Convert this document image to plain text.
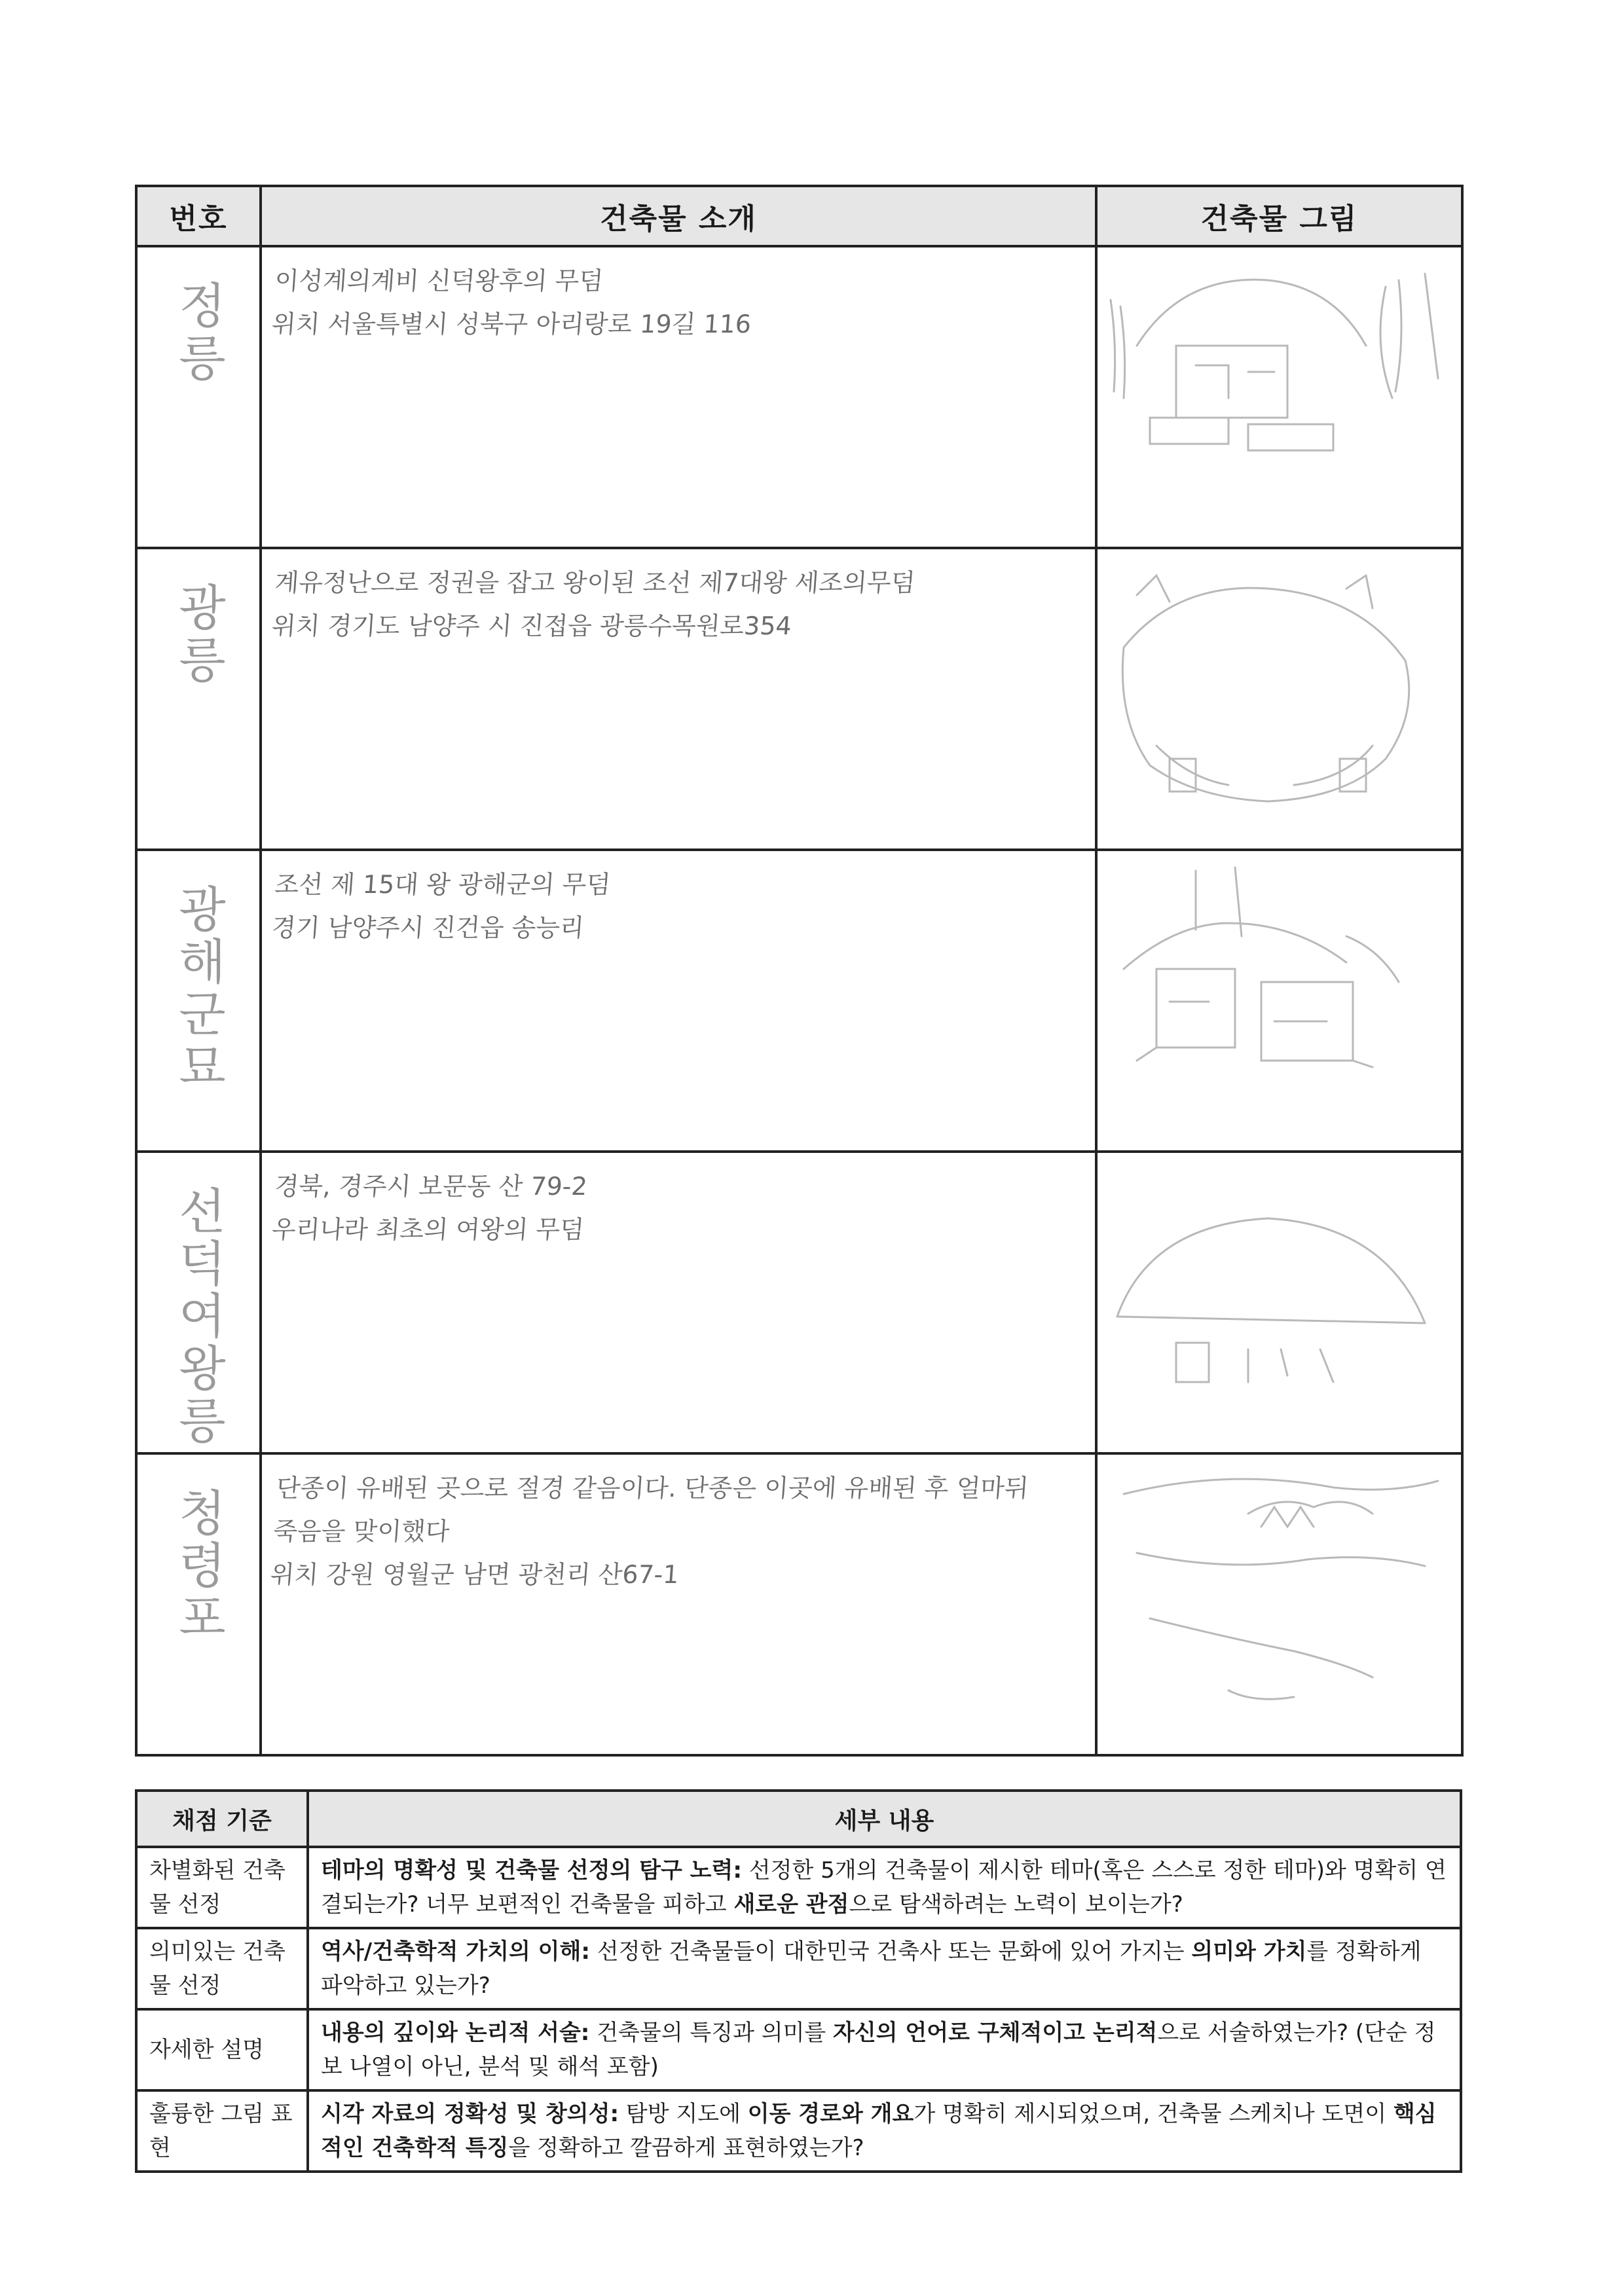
번호	건축물 소개	건축물 그림
정릉	이성계의계비 신덕왕후의 무덤
위치 서울특별시 성북구 아리랑로 19길 116

광릉	계유정난으로 정권을 잡고 왕이된 조선 제7대왕 세조의무덤
위치 경기도 남양주 시 진접읍 광릉수목원로354

광해군묘	조선 제 15대 왕 광해군의 무덤
경기 남양주시 진건읍 송능리

선덕여왕릉	경북, 경주시 보문동 산 79-2
우리나라 최초의 여왕의 무덤

청령포	단종이 유배된 곳으로 절경 같음이다. 단종은 이곳에 유배된 후 얼마뒤
죽음을 맞이했다
위치 강원 영월군 남면 광천리 산67-1

채점 기준	세부 내용
차별화된 건축물 선정	테마의 명확성 및 건축물 선정의 탐구 노력: 선정한 5개의 건축물이 제시한 테마(혹은 스스로 정한 테마)와 명확히 연결되는가? 너무 보편적인 건축물을 피하고 새로운 관점으로 탐색하려는 노력이 보이는가?
의미있는 건축물 선정	역사/건축학적 가치의 이해: 선정한 건축물들이 대한민국 건축사 또는 문화에 있어 가지는 의미와 가치를 정확하게 파악하고 있는가?
자세한 설명	내용의 깊이와 논리적 서술: 건축물의 특징과 의미를 자신의 언어로 구체적이고 논리적으로 서술하였는가? (단순 정보 나열이 아닌, 분석 및 해석 포함)
훌륭한 그림 표현	시각 자료의 정확성 및 창의성: 탐방 지도에 이동 경로와 개요가 명확히 제시되었으며, 건축물 스케치나 도면이 핵심적인 건축학적 특징을 정확하고 깔끔하게 표현하였는가?
